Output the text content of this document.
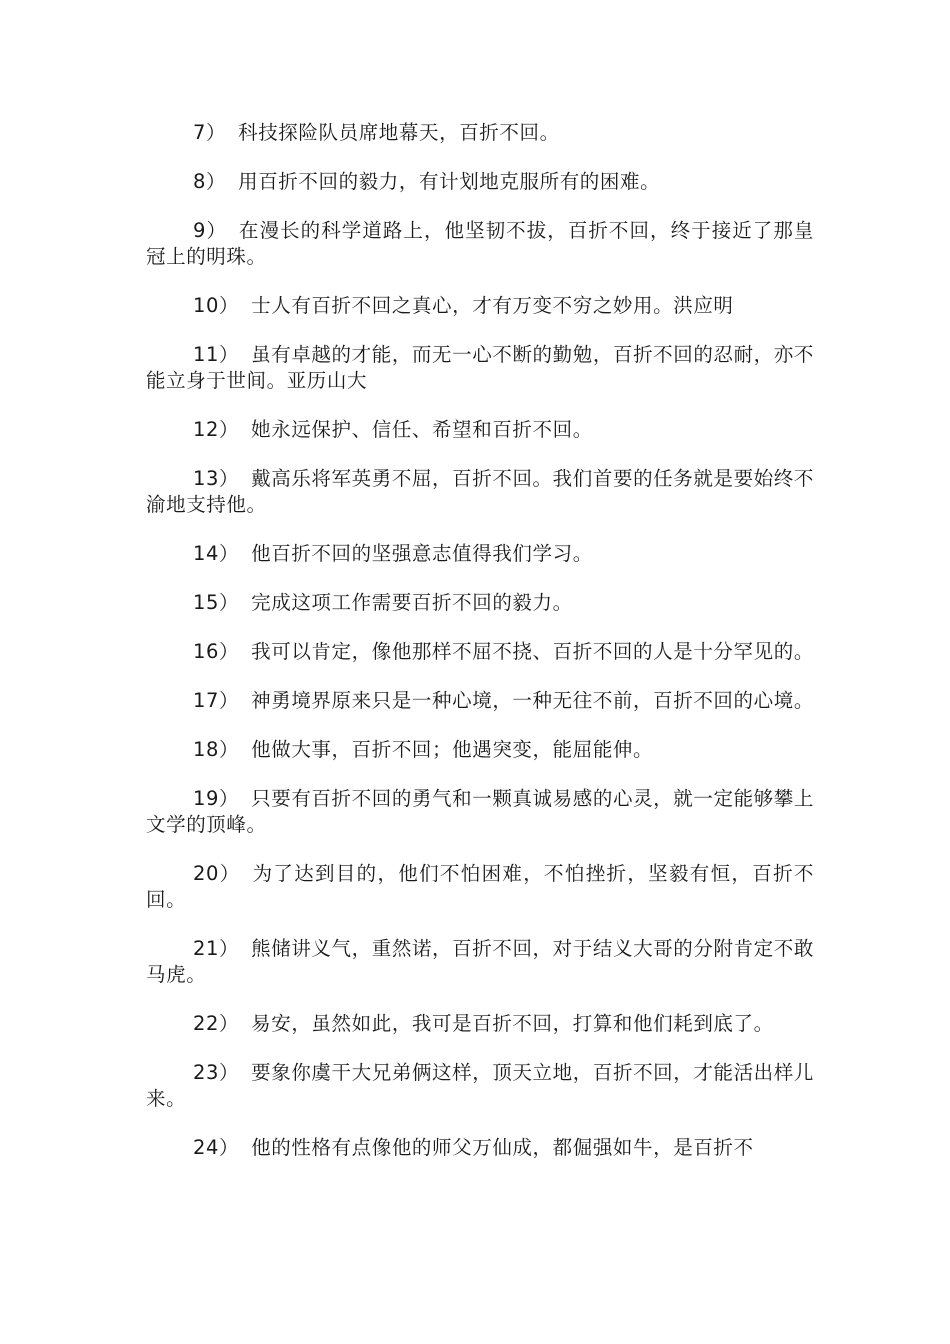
7） 科技探险队员席地幕天，百折不回。

8） 用百折不回的毅力，有计划地克服所有的困难。

9） 在漫长的科学道路上，他坚韧不拔，百折不回，终于接近了那皇冠上的明珠。

10） 士人有百折不回之真心，才有万变不穷之妙用。洪应明

11） 虽有卓越的才能，而无一心不断的勤勉，百折不回的忍耐，亦不能立身于世间。亚历山大

12） 她永远保护、信任、希望和百折不回。

13） 戴高乐将军英勇不屈，百折不回。我们首要的任务就是要始终不渝地支持他。

14） 他百折不回的坚强意志值得我们学习。

15） 完成这项工作需要百折不回的毅力。

16） 我可以肯定，像他那样不屈不挠、百折不回的人是十分罕见的。

17） 神勇境界原来只是一种心境，一种无往不前，百折不回的心境。

18） 他做大事，百折不回；他遇突变，能屈能伸。

19） 只要有百折不回的勇气和一颗真诚易感的心灵，就一定能够攀上文学的顶峰。

20） 为了达到目的，他们不怕困难，不怕挫折，坚毅有恒，百折不回。

21） 熊储讲义气，重然诺，百折不回，对于结义大哥的分附肯定不敢马虎。

22） 易安，虽然如此，我可是百折不回，打算和他们耗到底了。

23） 要象你虞干大兄弟俩这样，顶天立地，百折不回，才能活出样儿来。

24） 他的性格有点像他的师父万仙成，都倔强如牛，是百折不
